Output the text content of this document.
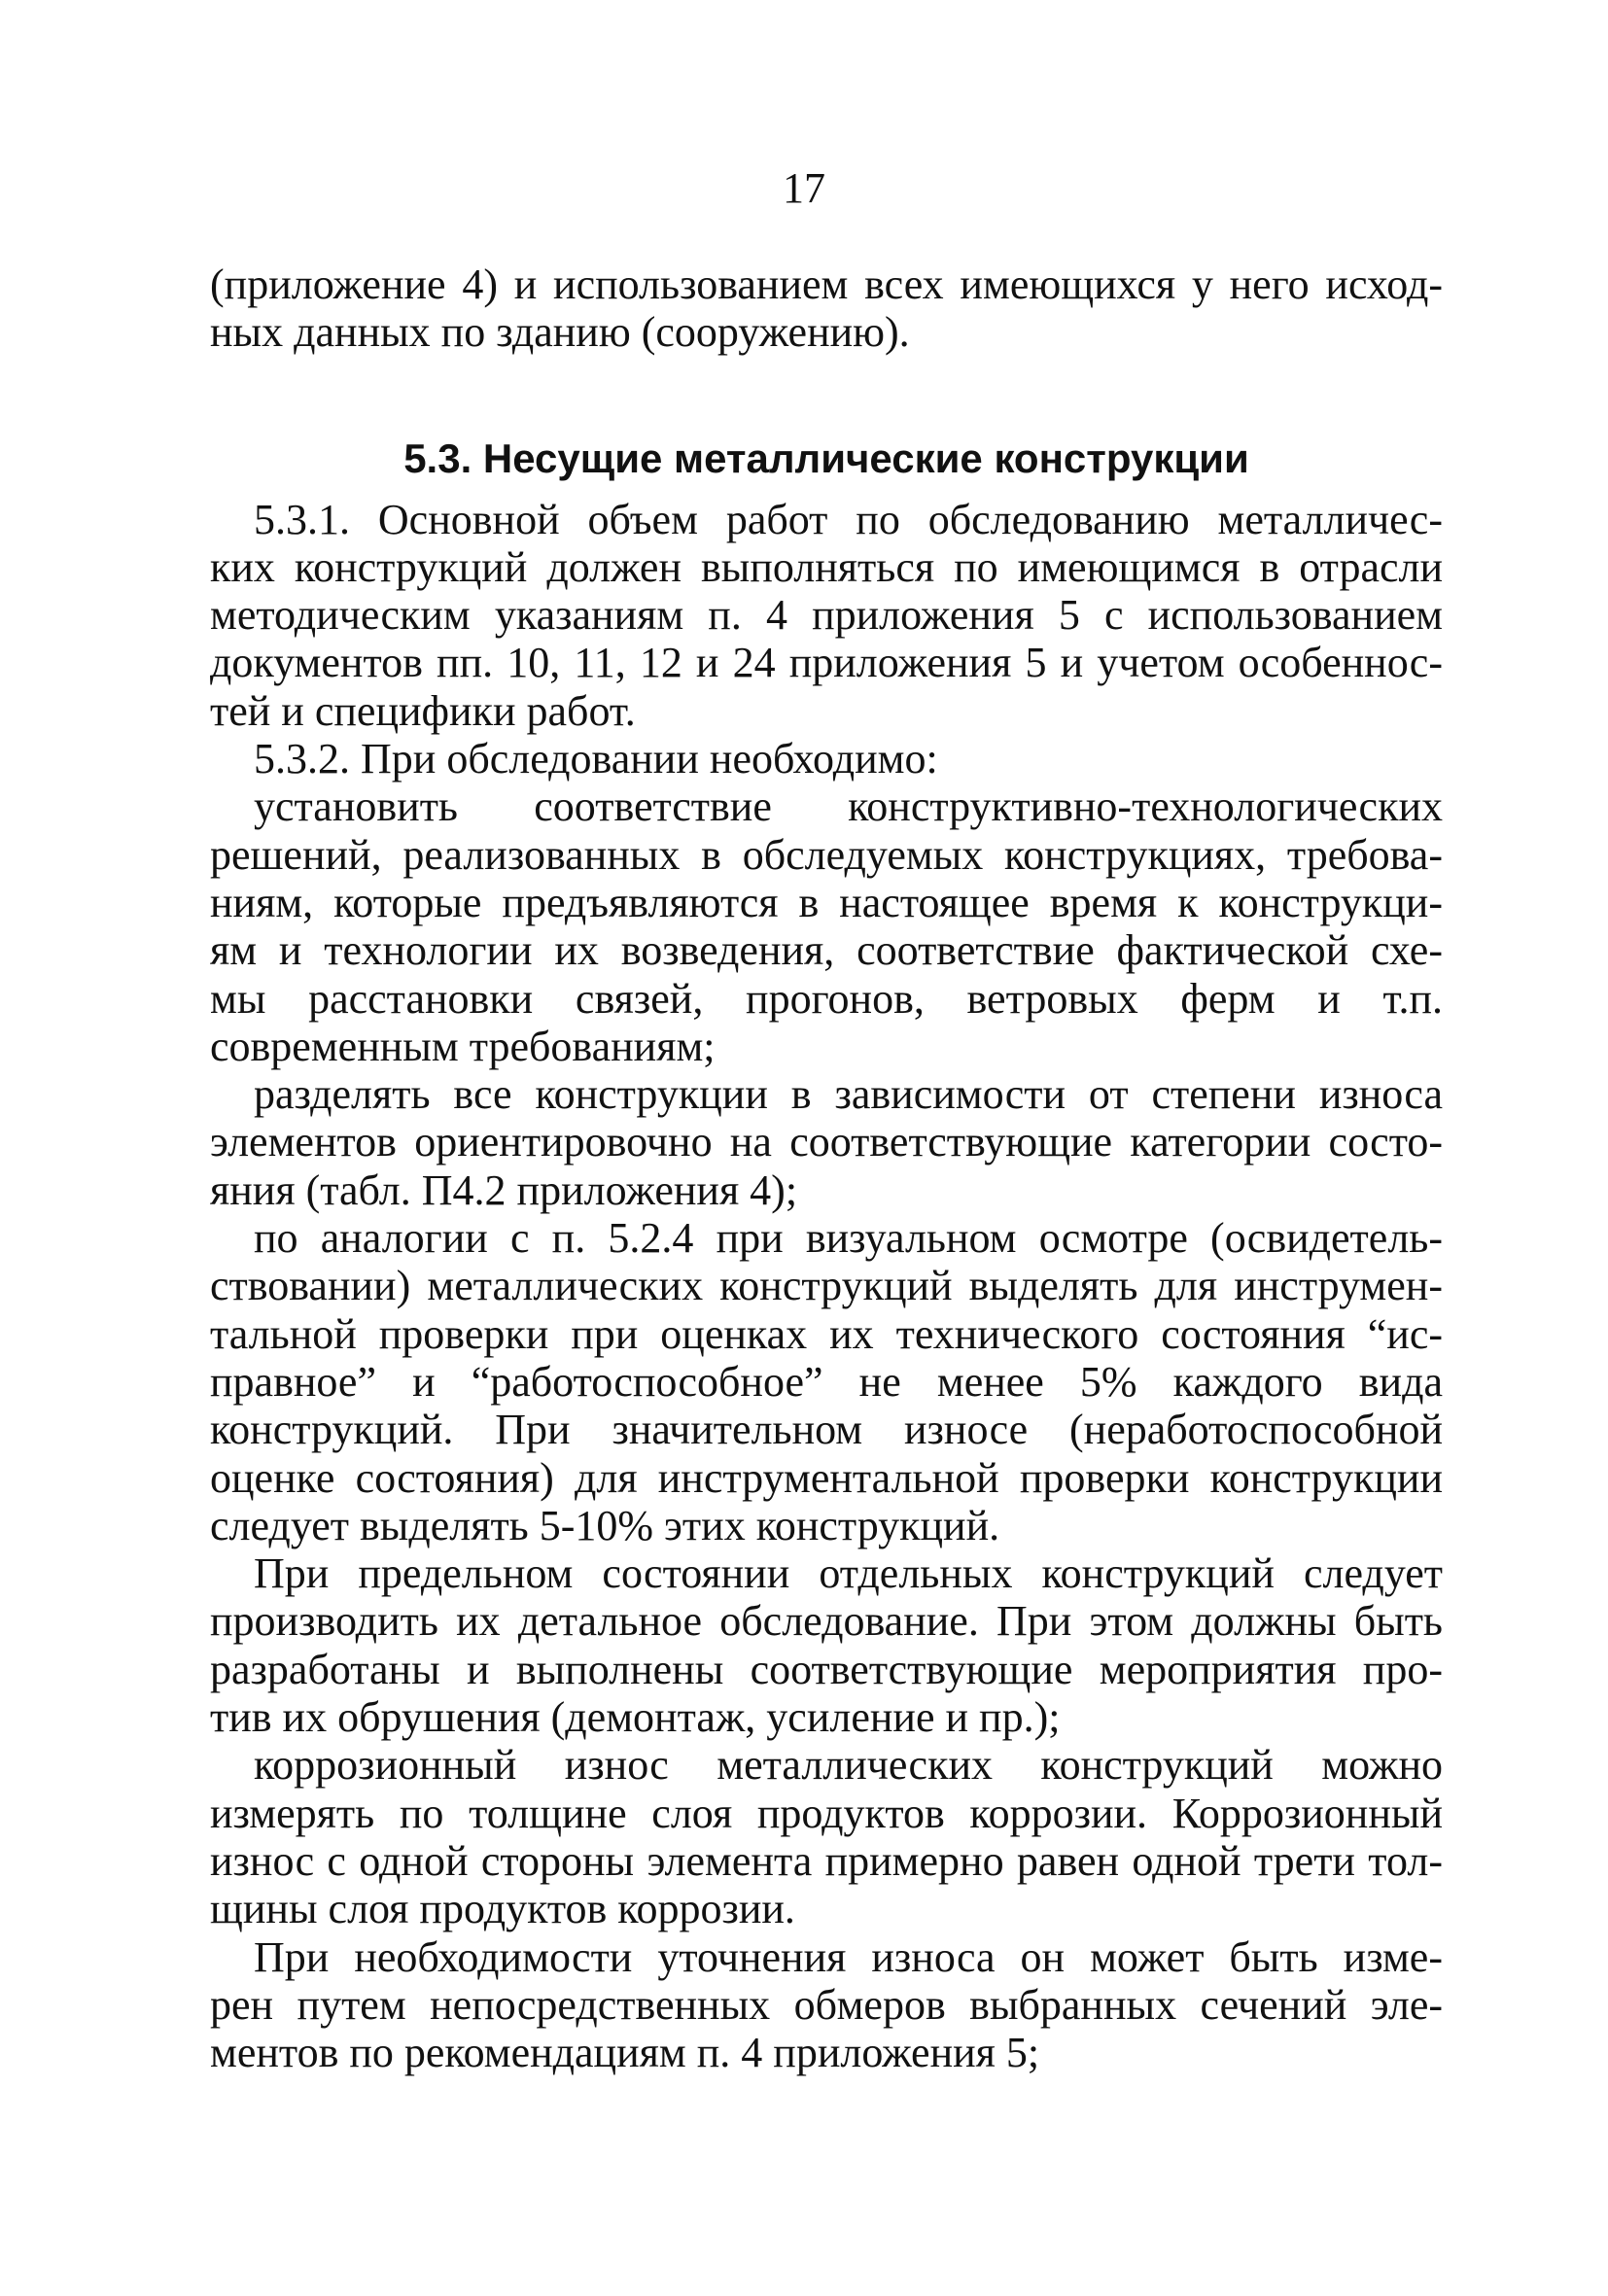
17
(приложение 4) и использованием всех имеющихся у него исход-
ных данных по зданию (сооружению).
5.3. Несущие металлические конструкции
5.3.1. Основной объем работ по обследованию металличес-
ких конструкций должен выполняться по имеющимся в отрасли
методическим указаниям п. 4 приложения 5 с использованием
документов пп. 10, 11, 12 и 24 приложения 5 и учетом особеннос-
тей и специфики работ.
5.3.2. При обследовании необходимо:
установить соответствие конструктивно-технологических
решений, реализованных в обследуемых конструкциях, требова-
ниям, которые предъявляются в настоящее время к конструкци-
ям и технологии их возведения, соответствие фактической схе-
мы расстановки связей, прогонов, ветровых ферм и т.п.
современным требованиям;
разделять все конструкции в зависимости от степени износа
элементов ориентировочно на соответствующие категории состо-
яния (табл. П4.2 приложения 4);
по аналогии с п. 5.2.4 при визуальном осмотре (освидетель-
ствовании) металлических конструкций выделять для инструмен-
тальной проверки при оценках их технического состояния “ис-
правное” и “работоспособное” не менее 5% каждого вида
конструкций. При значительном износе (неработоспособной
оценке состояния) для инструментальной проверки конструкции
следует выделять 5-10% этих конструкций.
При предельном состоянии отдельных конструкций следует
производить их детальное обследование. При этом должны быть
разработаны и выполнены соответствующие мероприятия про-
тив их обрушения (демонтаж, усиление и пр.);
коррозионный износ металлических конструкций можно
измерять по толщине слоя продуктов коррозии. Коррозионный
износ с одной стороны элемента примерно равен одной трети тол-
щины слоя продуктов коррозии.
При необходимости уточнения износа он может быть изме-
рен путем непосредственных обмеров выбранных сечений эле-
ментов по рекомендациям п. 4 приложения 5;
